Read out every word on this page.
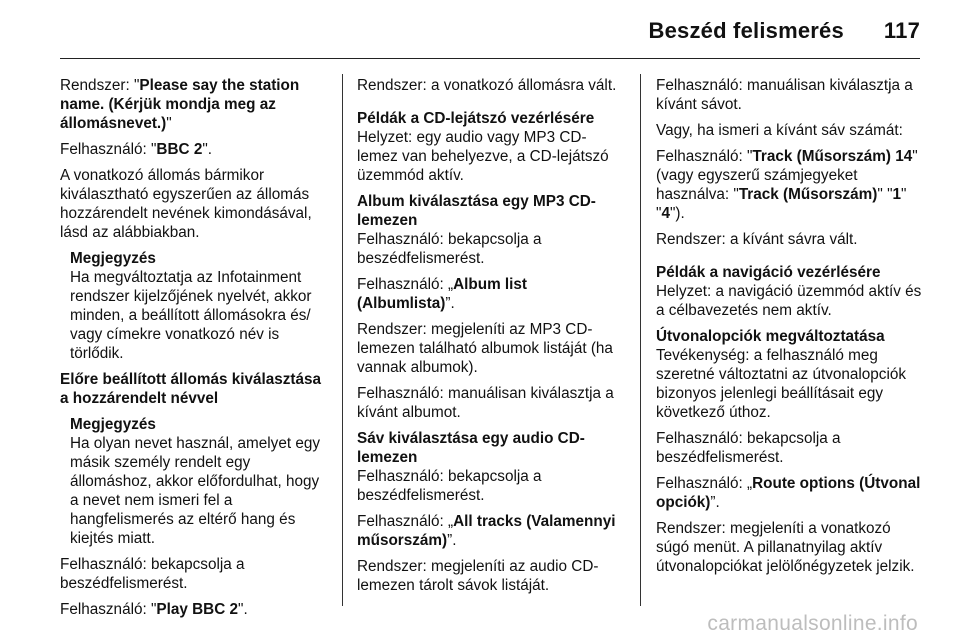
Beszéd felismerés 117

Rendszer: "Please say the station name. (Kérjük mondja meg az állomásnevet.)"

Felhasználó: "BBC 2".

A vonatkozó állomás bármikor kiválasztható egyszerűen az állomás hozzárendelt nevének kimondásával, lásd az alábbiakban.

Megjegyzés
Ha megváltoztatja az Infotainment rendszer kijelzőjének nyelvét, akkor minden, a beállított állomásokra és/ vagy címekre vonatkozó név is törlődik.
Előre beállított állomás kiválasztása a hozzárendelt névvel
Megjegyzés
Ha olyan nevet használ, amelyet egy másik személy rendelt egy állomáshoz, akkor előfordulhat, hogy a nevet nem ismeri fel a hangfelismerés az eltérő hang és kiejtés miatt.

Felhasználó: bekapcsolja a beszédfelismerést.

Felhasználó: "Play BBC 2".

Rendszer: a vonatkozó állomásra vált.

Példák a CD-lejátszó vezérlésére

Helyzet: egy audio vagy MP3 CD-lemez van behelyezve, a CD-lejátszó üzemmód aktív.

Album kiválasztása egy MP3 CD-lemezen

Felhasználó: bekapcsolja a beszédfelismerést.

Felhasználó: „Album list (Albumlista)”.

Rendszer: megjeleníti az MP3 CD-lemezen található albumok listáját (ha vannak albumok).

Felhasználó: manuálisan kiválasztja a kívánt albumot.

Sáv kiválasztása egy audio CD-lemezen

Felhasználó: bekapcsolja a beszédfelismerést.

Felhasználó: „All tracks (Valamennyi műsorszám)”.

Rendszer: megjeleníti az audio CD-lemezen tárolt sávok listáját.

Felhasználó: manuálisan kiválasztja a kívánt sávot.

Vagy, ha ismeri a kívánt sáv számát:

Felhasználó: "Track (Műsorszám) 14" (vagy egyszerű számjegyeket használva: "Track (Műsorszám)" "1" "4").

Rendszer: a kívánt sávra vált.

Példák a navigáció vezérlésére

Helyzet: a navigáció üzemmód aktív és a célbavezetés nem aktív.

Útvonalopciók megváltoztatása

Tevékenység: a felhasználó meg szeretné változtatni az útvonalopciók bizonyos jelenlegi beállításait egy következő úthoz.

Felhasználó: bekapcsolja a beszédfelismerést.

Felhasználó: „Route options (Útvonal opciók)”.

Rendszer: megjeleníti a vonatkozó súgó menüt. A pillanatnyilag aktív útvonalopciókat jelölőnégyzetek jelzik.

carmanualsonline.info
